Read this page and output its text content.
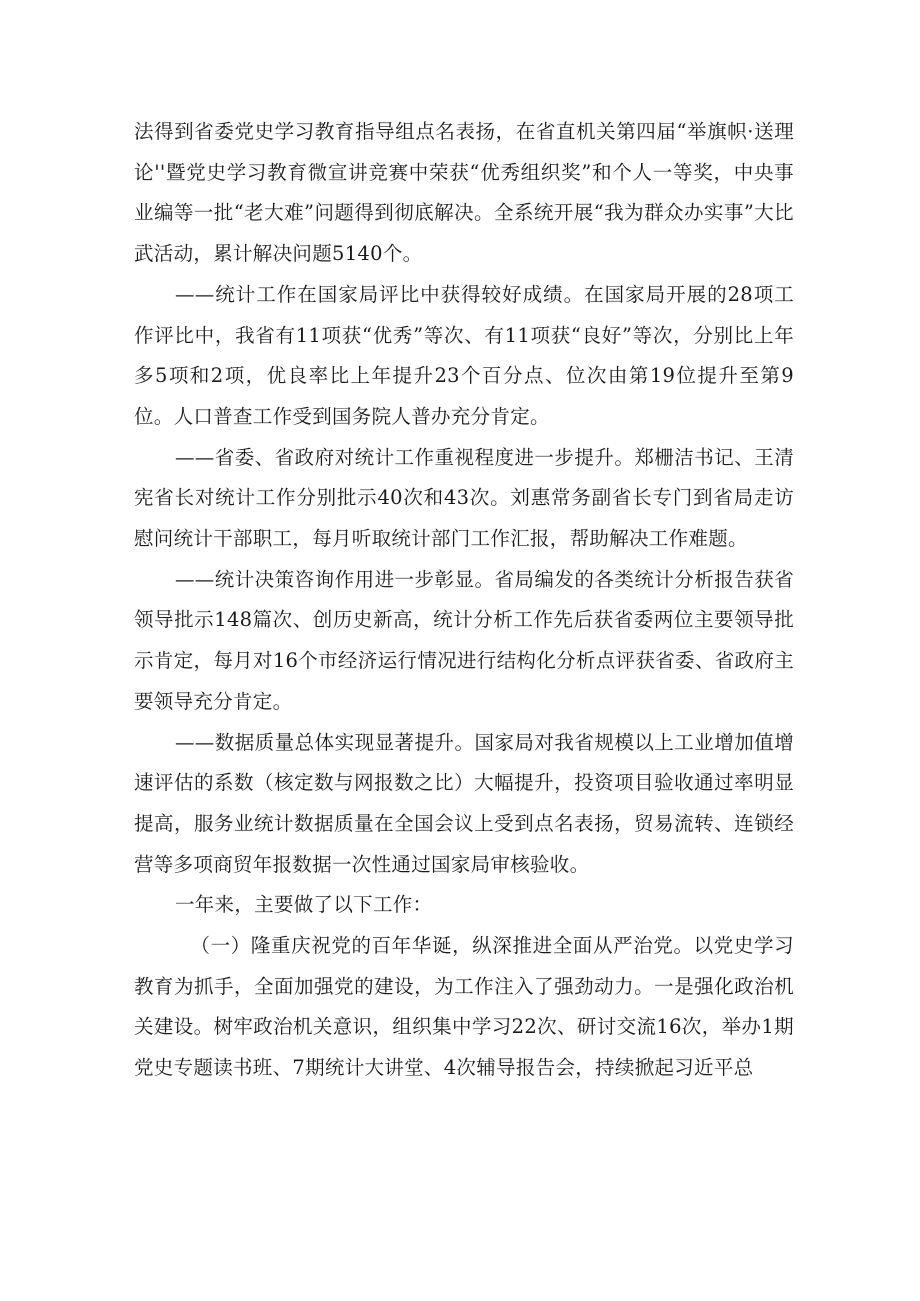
法得到省委党史学习教育指导组点名表扬，在省直机关第四届“举旗帜·送理论''暨党史学习教育微宣讲竞赛中荣获“优秀组织奖”和个人一等奖，中央事业编等一批“老大难”问题得到彻底解决。全系统开展“我为群众办实事”大比武活动，累计解决问题5140个。

——统计工作在国家局评比中获得较好成绩。在国家局开展的28项工作评比中，我省有11项获“优秀”等次、有11项获“良好”等次，分别比上年多5项和2项，优良率比上年提升23个百分点、位次由第19位提升至第9位。人口普查工作受到国务院人普办充分肯定。

——省委、省政府对统计工作重视程度进一步提升。郑栅洁书记、王清宪省长对统计工作分别批示40次和43次。刘惠常务副省长专门到省局走访慰问统计干部职工，每月听取统计部门工作汇报，帮助解决工作难题。

——统计决策咨询作用进一步彰显。省局编发的各类统计分析报告获省领导批示148篇次、创历史新高，统计分析工作先后获省委两位主要领导批示肯定，每月对16个市经济运行情况进行结构化分析点评获省委、省政府主要领导充分肯定。

——数据质量总体实现显著提升。国家局对我省规模以上工业增加值增速评估的系数（核定数与网报数之比）大幅提升，投资项目验收通过率明显提高，服务业统计数据质量在全国会议上受到点名表扬，贸易流转、连锁经营等多项商贸年报数据一次性通过国家局审核验收。

一年来，主要做了以下工作：

（一）隆重庆祝党的百年华诞，纵深推进全面从严治党。以党史学习教育为抓手，全面加强党的建设，为工作注入了强劲动力。一是强化政治机关建设。树牢政治机关意识，组织集中学习22次、研讨交流16次，举办1期党史专题读书班、7期统计大讲堂、4次辅导报告会，持续掀起习近平总
